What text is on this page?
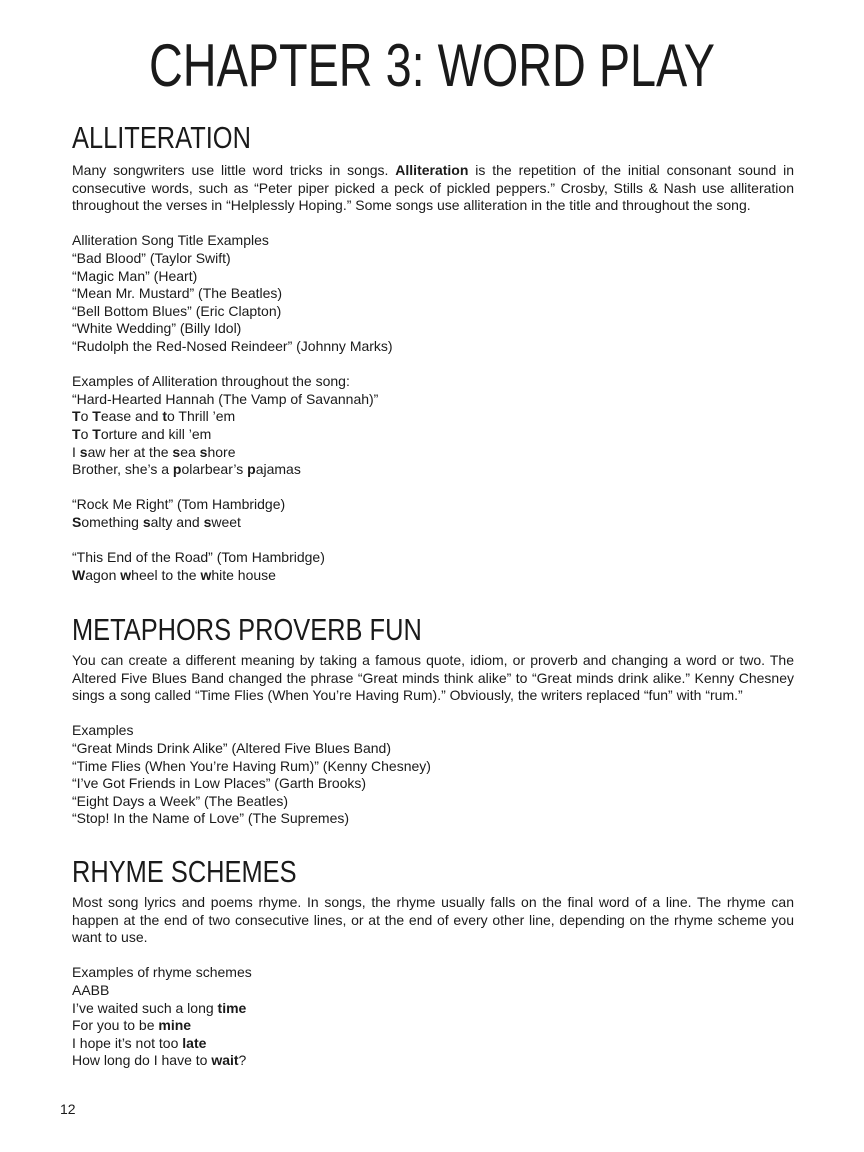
CHAPTER 3: WORD PLAY
ALLITERATION

Many songwriters use little word tricks in songs. Alliteration is the repetition of the initial consonant sound in consecutive words, such as “Peter piper picked a peck of pickled peppers.” Crosby, Stills & Nash use alliteration throughout the verses in “Helplessly Hoping.” Some songs use alliteration in the title and throughout the song.

Alliteration Song Title Examples

“Bad Blood” (Taylor Swift)

“Magic Man” (Heart)

“Mean Mr. Mustard” (The Beatles)

“Bell Bottom Blues” (Eric Clapton)

“White Wedding” (Billy Idol)

“Rudolph the Red-Nosed Reindeer” (Johnny Marks)

Examples of Alliteration throughout the song:

“Hard-Hearted Hannah (The Vamp of Savannah)”

To Tease and to Thrill ’em

To Torture and kill ’em

I saw her at the sea shore

Brother, she’s a polarbear’s pajamas

“Rock Me Right” (Tom Hambridge)

Something salty and sweet

“This End of the Road” (Tom Hambridge)

Wagon wheel to the white house

METAPHORS PROVERB FUN

You can create a different meaning by taking a famous quote, idiom, or proverb and changing a word or two. The Altered Five Blues Band changed the phrase “Great minds think alike” to “Great minds drink alike.” Kenny Chesney sings a song called “Time Flies (When You’re Having Rum).” Obviously, the writers replaced “fun” with “rum.”

Examples

“Great Minds Drink Alike” (Altered Five Blues Band)

“Time Flies (When You’re Having Rum)” (Kenny Chesney)

“I’ve Got Friends in Low Places” (Garth Brooks)

“Eight Days a Week” (The Beatles)

“Stop! In the Name of Love” (The Supremes)

RHYME SCHEMES

Most song lyrics and poems rhyme. In songs, the rhyme usually falls on the final word of a line. The rhyme can happen at the end of two consecutive lines, or at the end of every other line, depending on the rhyme scheme you want to use.

Examples of rhyme schemes

AABB

I’ve waited such a long time

For you to be mine

I hope it’s not too late

How long do I have to wait?

12
